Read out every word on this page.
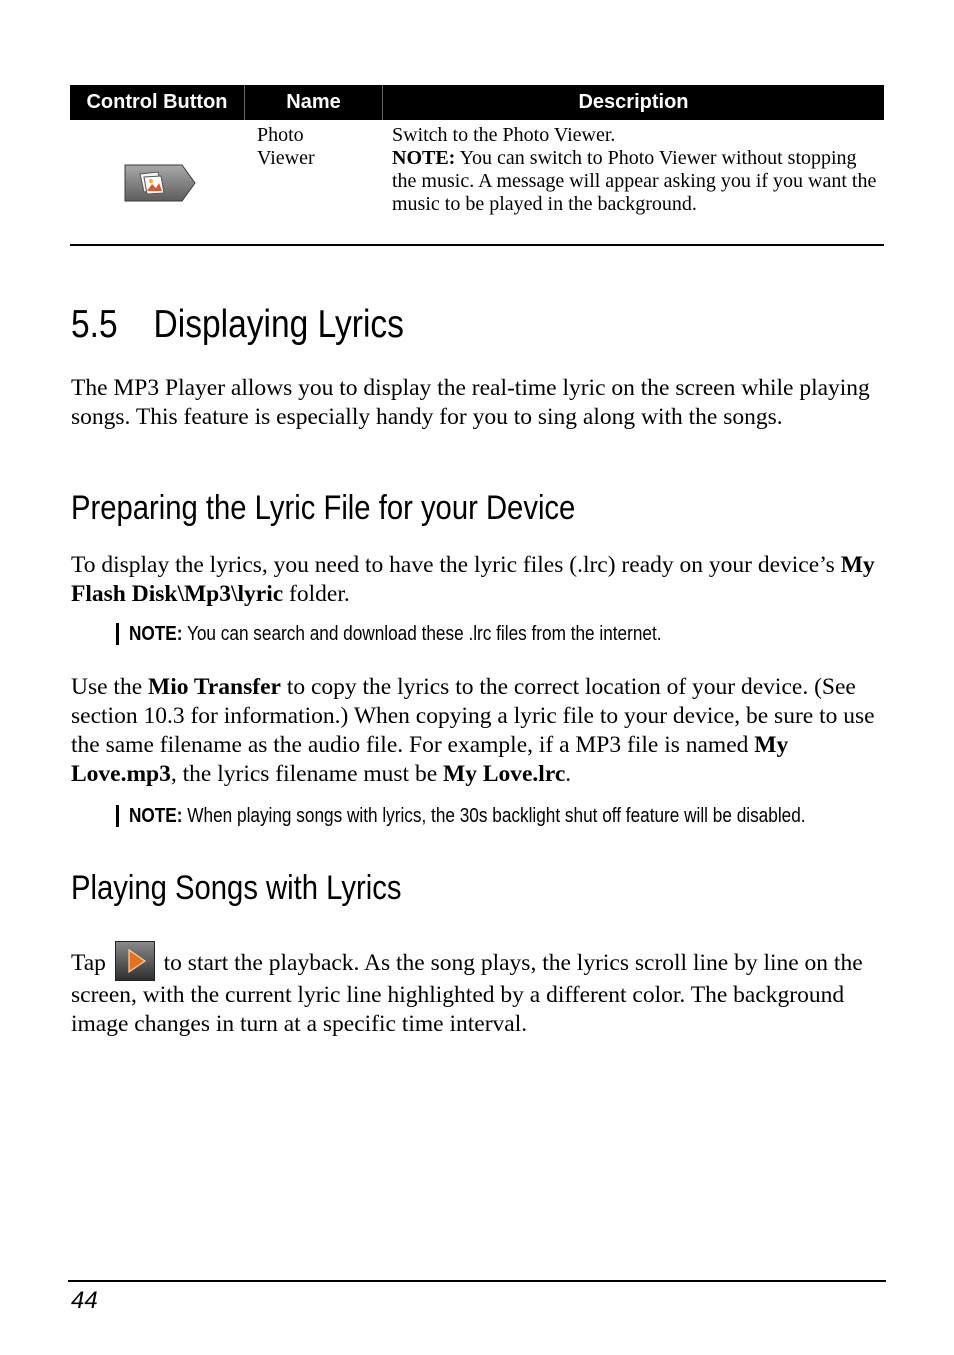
Control Button	Name	Description
Photo
Viewer
Switch to the Photo Viewer.
NOTE: You can switch to Photo Viewer without stopping the music. A message will appear asking you if you want the music to be played in the background.
5.5 Displaying Lyrics
The MP3 Player allows you to display the real-time lyric on the screen while playing songs. This feature is especially handy for you to sing along with the songs.
Preparing the Lyric File for your Device
To display the lyrics, you need to have the lyric files (.lrc) ready on your device’s My Flash Disk\Mp3\lyric folder.
NOTE: You can search and download these .lrc files from the internet.
Use the Mio Transfer to copy the lyrics to the correct location of your device. (See section 10.3 for information.) When copying a lyric file to your device, be sure to use the same filename as the audio file. For example, if a MP3 file is named My Love.mp3, the lyrics filename must be My Love.lrc.
NOTE: When playing songs with lyrics, the 30s backlight shut off feature will be disabled.
Playing Songs with Lyrics
Tap  to start the playback. As the song plays, the lyrics scroll line by line on the screen, with the current lyric line highlighted by a different color. The background image changes in turn at a specific time interval.
44
